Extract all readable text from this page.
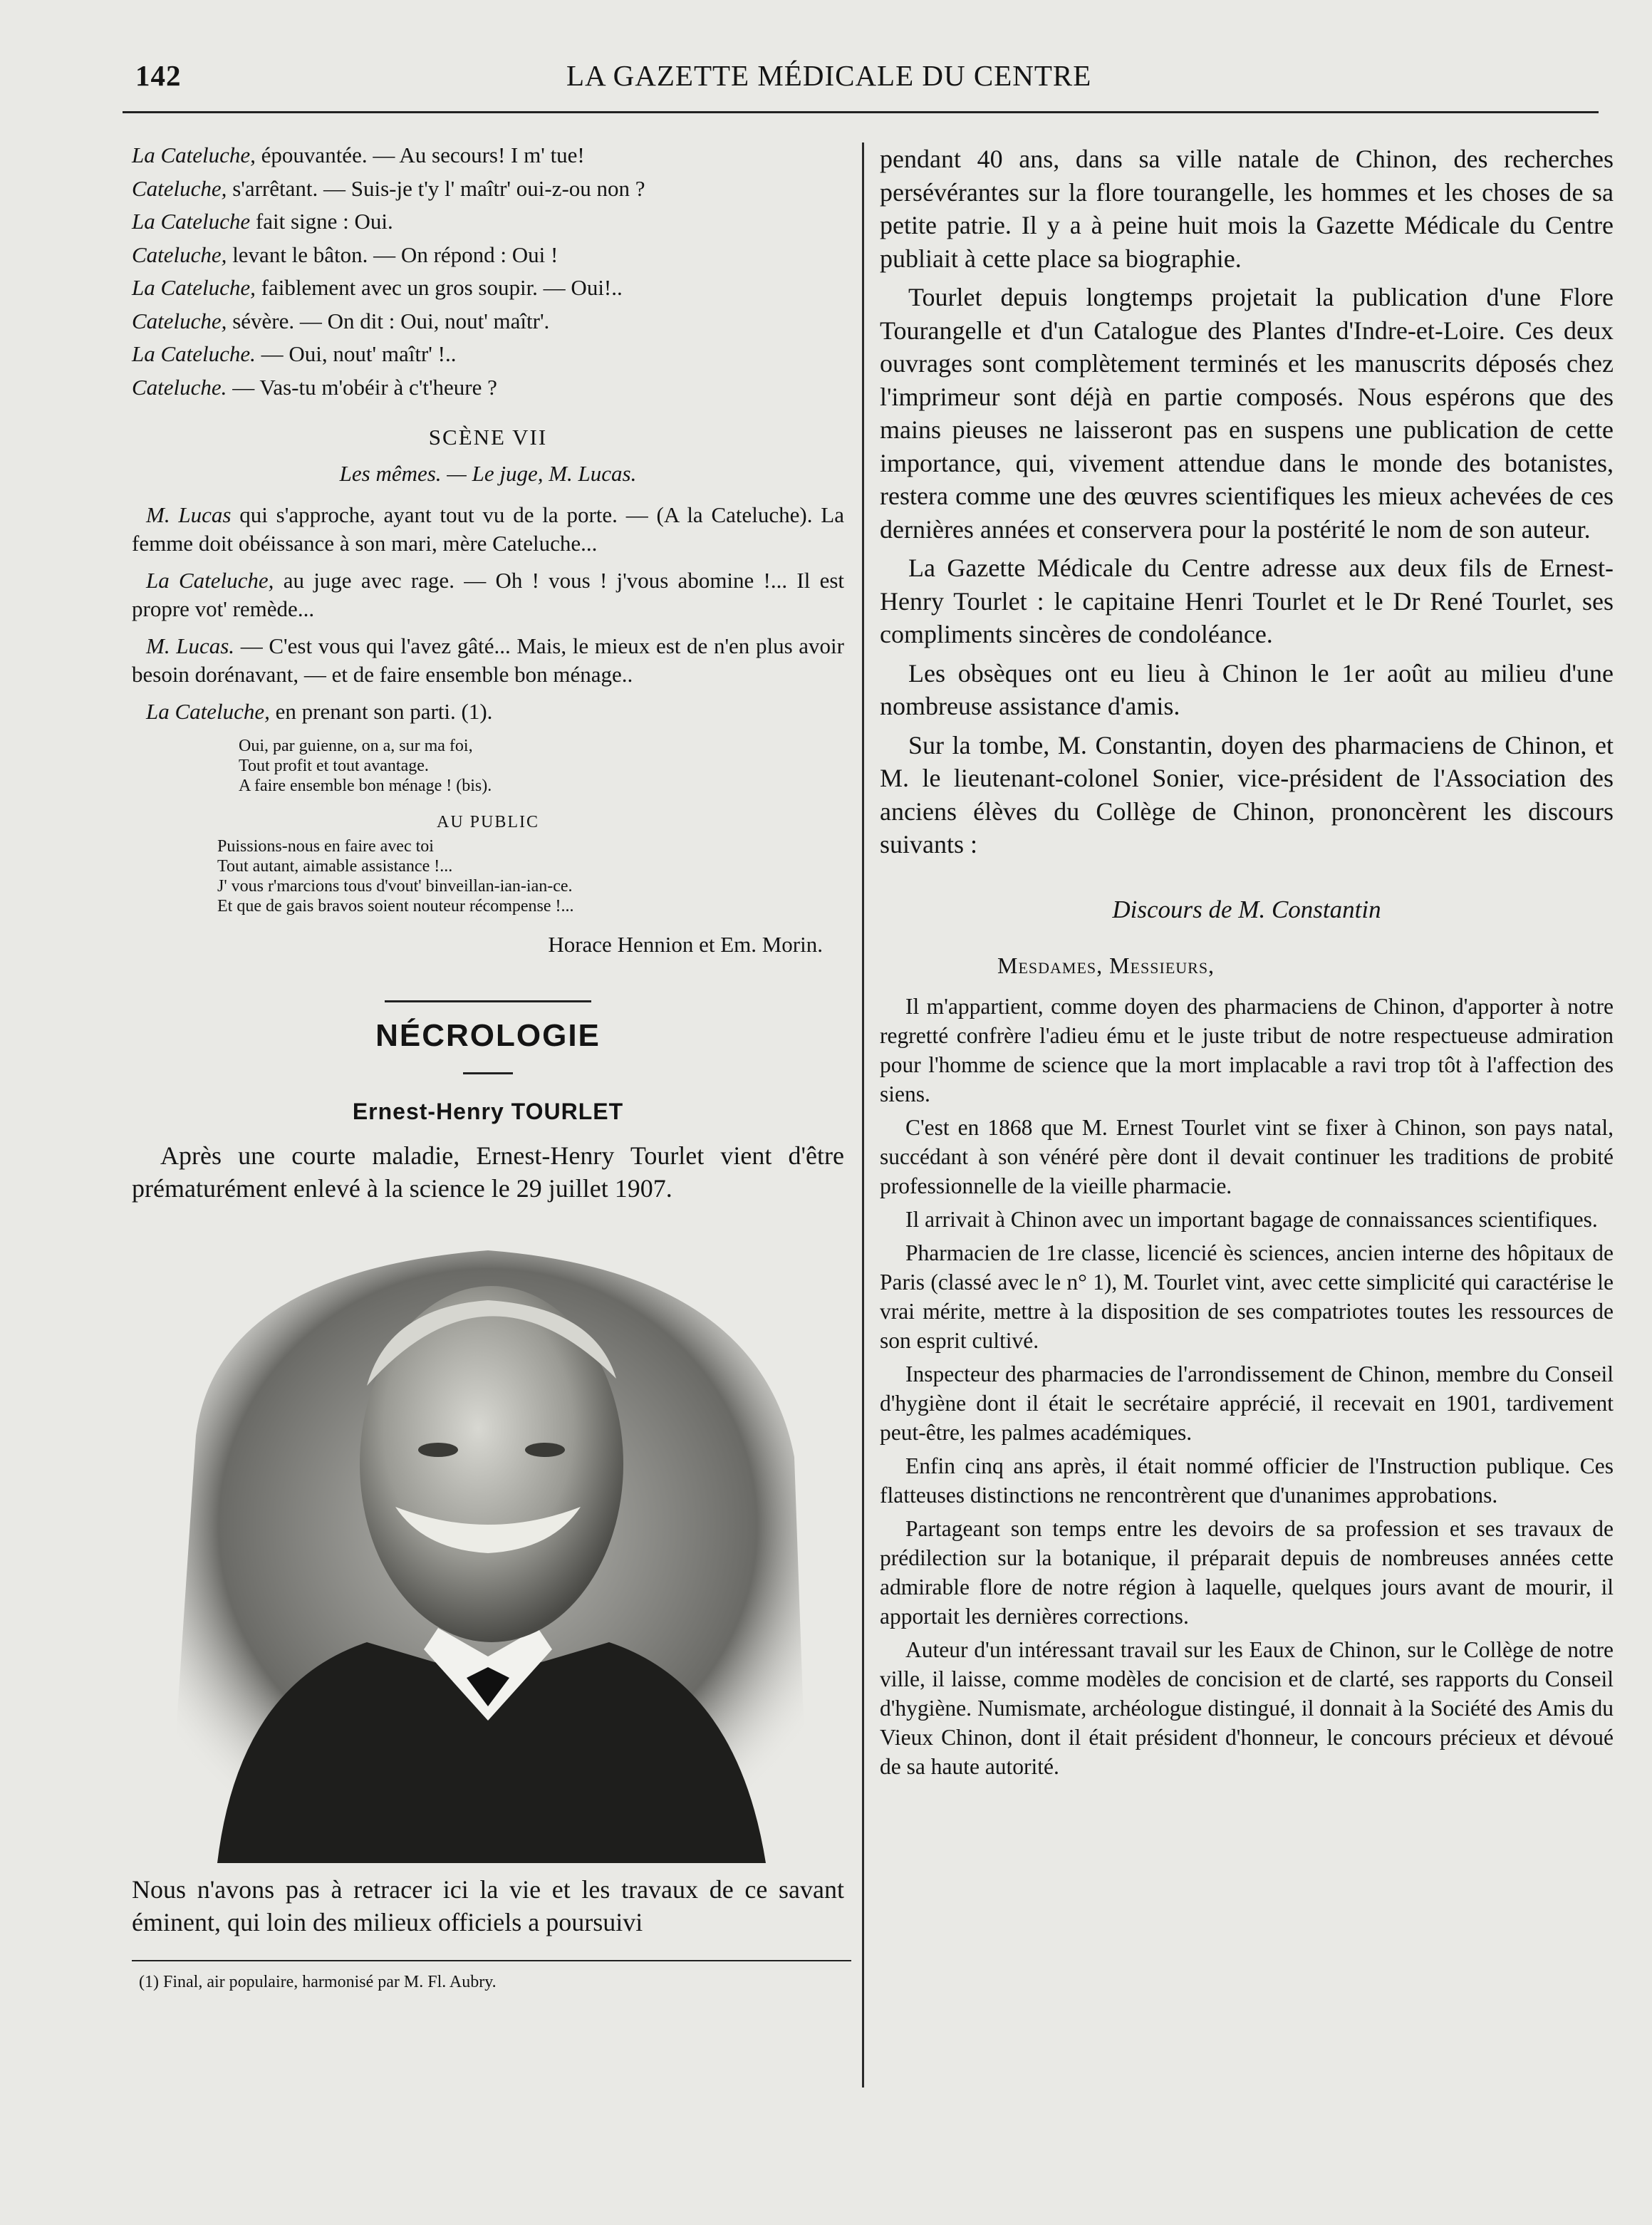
142	LA GAZETTE MÉDICALE DU CENTRE
La Cateluche, épouvantée. — Au secours! I m' tue!
Cateluche, s'arrêtant. — Suis-je t'y l' maîtr' oui-z-ou non ?
La Cateluche fait signe : Oui.
Cateluche, levant le bâton. — On répond : Oui !
La Cateluche, faiblement avec un gros soupir. — Oui!..
Cateluche, sévère. — On dit : Oui, nout' maîtr'.
La Cateluche. — Oui, nout' maîtr' !..
Cateluche. — Vas-tu m'obéir à c't'heure ?
SCÈNE VII
Les mêmes. — Le juge, M. Lucas.
M. Lucas qui s'approche, ayant tout vu de la porte. — (A la Cateluche). La femme doit obéissance à son mari, mère Cateluche...
La Cateluche, au juge avec rage. — Oh ! vous ! j'vous abomine !... Il est propre vot' remède...
M. Lucas. — C'est vous qui l'avez gâté... Mais, le mieux est de n'en plus avoir besoin dorénavant, — et de faire ensemble bon ménage..
La Cateluche, en prenant son parti. (1).
Oui, par guienne, on a, sur ma foi,
Tout profit et tout avantage.
A faire ensemble bon ménage ! (bis).
AU PUBLIC
Puissions-nous en faire avec toi
Tout autant, aimable assistance !...
J' vous r'marcions tous d'vout' binveillan-ian-ian-ce.
Et que de gais bravos soient nouteur récompense !...
Horace Hennion et Em. Morin.
NÉCROLOGIE
Ernest-Henry TOURLET
Après une courte maladie, Ernest-Henry Tourlet vient d'être prématurément enlevé à la science le 29 juillet 1907.
Nous n'avons pas à retracer ici la vie et les travaux de ce savant éminent, qui loin des milieux officiels a poursuivi
(1) Final, air populaire, harmonisé par M. Fl. Aubry.
pendant 40 ans, dans sa ville natale de Chinon, des recherches persévérantes sur la flore tourangelle, les hommes et les choses de sa petite patrie. Il y a à peine huit mois la Gazette Médicale du Centre publiait à cette place sa biographie.
Tourlet depuis longtemps projetait la publication d'une Flore Tourangelle et d'un Catalogue des Plantes d'Indre-et-Loire. Ces deux ouvrages sont complètement terminés et les manuscrits déposés chez l'imprimeur sont déjà en partie composés. Nous espérons que des mains pieuses ne laisseront pas en suspens une publication de cette importance, qui, vivement attendue dans le monde des botanistes, restera comme une des œuvres scientifiques les mieux achevées de ces dernières années et conservera pour la postérité le nom de son auteur.
La Gazette Médicale du Centre adresse aux deux fils de Ernest-Henry Tourlet : le capitaine Henri Tourlet et le Dr René Tourlet, ses compliments sincères de condoléance.
Les obsèques ont eu lieu à Chinon le 1er août au milieu d'une nombreuse assistance d'amis.
Sur la tombe, M. Constantin, doyen des pharmaciens de Chinon, et M. le lieutenant-colonel Sonier, vice-président de l'Association des anciens élèves du Collège de Chinon, prononcèrent les discours suivants :
Discours de M. Constantin
Mesdames, Messieurs,
Il m'appartient, comme doyen des pharmaciens de Chinon, d'apporter à notre regretté confrère l'adieu ému et le juste tribut de notre respectueuse admiration pour l'homme de science que la mort implacable a ravi trop tôt à l'affection des siens.
C'est en 1868 que M. Ernest Tourlet vint se fixer à Chinon, son pays natal, succédant à son vénéré père dont il devait continuer les traditions de probité professionnelle de la vieille pharmacie.
Il arrivait à Chinon avec un important bagage de connaissances scientifiques.
Pharmacien de 1re classe, licencié ès sciences, ancien interne des hôpitaux de Paris (classé avec le n° 1), M. Tourlet vint, avec cette simplicité qui caractérise le vrai mérite, mettre à la disposition de ses compatriotes toutes les ressources de son esprit cultivé.
Inspecteur des pharmacies de l'arrondissement de Chinon, membre du Conseil d'hygiène dont il était le secrétaire apprécié, il recevait en 1901, tardivement peut-être, les palmes académiques.
Enfin cinq ans après, il était nommé officier de l'Instruction publique. Ces flatteuses distinctions ne rencontrèrent que d'unanimes approbations.
Partageant son temps entre les devoirs de sa profession et ses travaux de prédilection sur la botanique, il préparait depuis de nombreuses années cette admirable flore de notre région à laquelle, quelques jours avant de mourir, il apportait les dernières corrections.
Auteur d'un intéressant travail sur les Eaux de Chinon, sur le Collège de notre ville, il laisse, comme modèles de concision et de clarté, ses rapports du Conseil d'hygiène. Numismate, archéologue distingué, il donnait à la Société des Amis du Vieux Chinon, dont il était président d'honneur, le concours précieux et dévoué de sa haute autorité.
